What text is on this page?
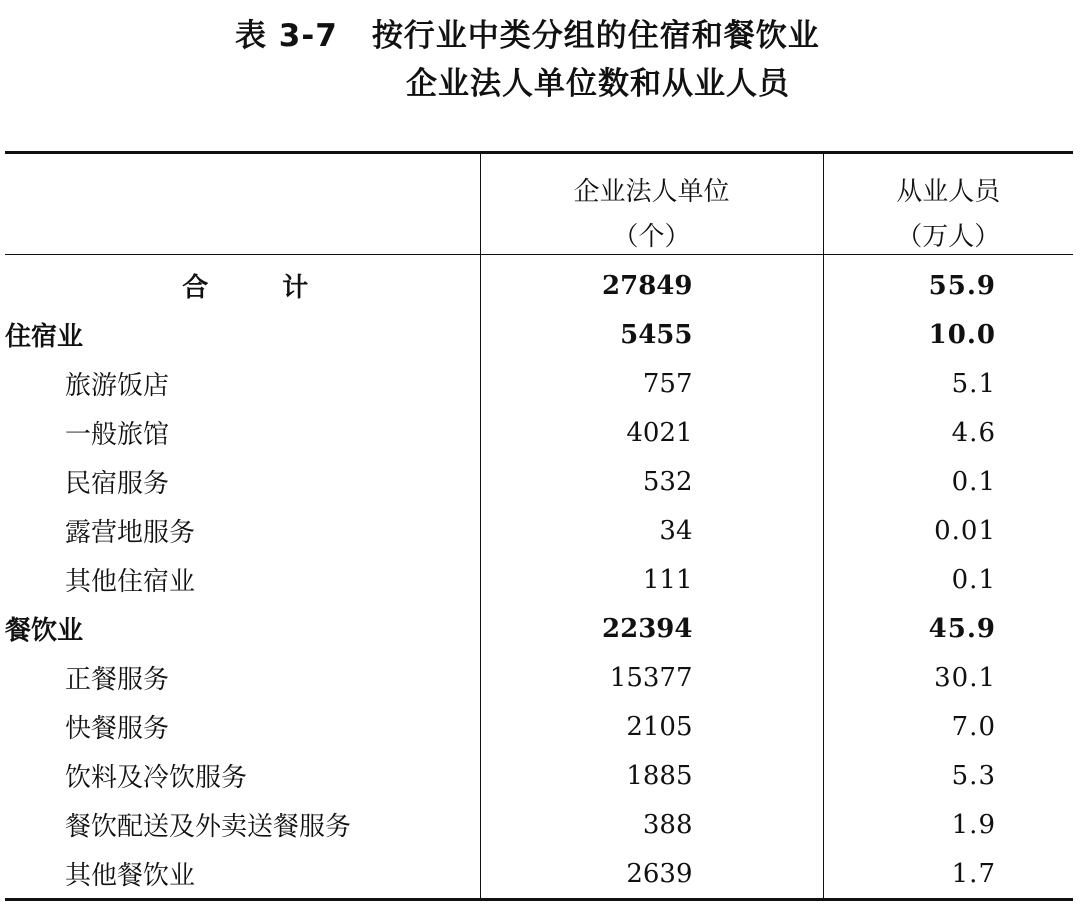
表 3-7 按行业中类分组的住宿和餐饮业
企业法人单位数和从业人员
	企业法人单位	从业人员
	（个）	（万人）
合　计	27849	55.9
住宿业	5455	10.0
旅游饭店	757	5.1
一般旅馆	4021	4.6
民宿服务	532	0.1
露营地服务	34	0.01
其他住宿业	111	0.1
餐饮业	22394	45.9
正餐服务	15377	30.1
快餐服务	2105	7.0
饮料及冷饮服务	1885	5.3
餐饮配送及外卖送餐服务	388	1.9
其他餐饮业	2639	1.7
